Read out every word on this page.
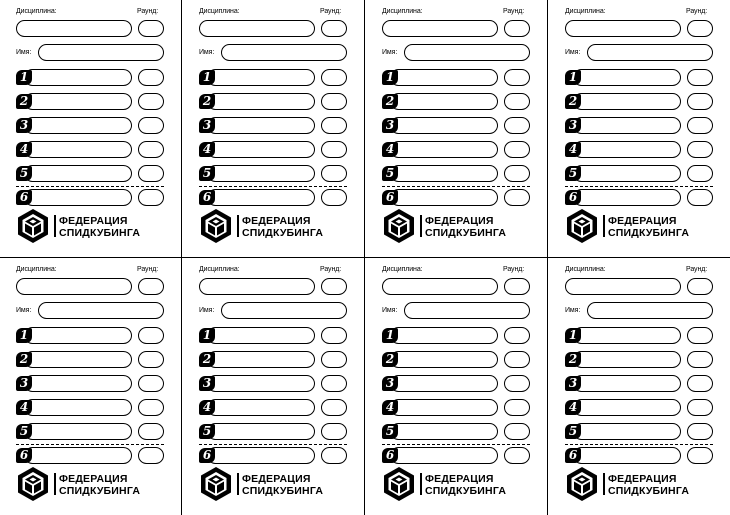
Дисциплина:	Раунд:
Имя:
1
2
3
4
5
6
ФЕДЕРАЦИЯ
СПИДКУБИНГА
Дисциплина:	Раунд:
Имя:
1
2
3
4
5
6
ФЕДЕРАЦИЯ
СПИДКУБИНГА
Дисциплина:	Раунд:
Имя:
1
2
3
4
5
6
ФЕДЕРАЦИЯ
СПИДКУБИНГА
Дисциплина:	Раунд:
Имя:
1
2
3
4
5
6
ФЕДЕРАЦИЯ
СПИДКУБИНГА
Дисциплина:	Раунд:
Имя:
1
2
3
4
5
6
ФЕДЕРАЦИЯ
СПИДКУБИНГА
Дисциплина:	Раунд:
Имя:
1
2
3
4
5
6
ФЕДЕРАЦИЯ
СПИДКУБИНГА
Дисциплина:	Раунд:
Имя:
1
2
3
4
5
6
ФЕДЕРАЦИЯ
СПИДКУБИНГА
Дисциплина:	Раунд:
Имя:
1
2
3
4
5
6
ФЕДЕРАЦИЯ
СПИДКУБИНГА
